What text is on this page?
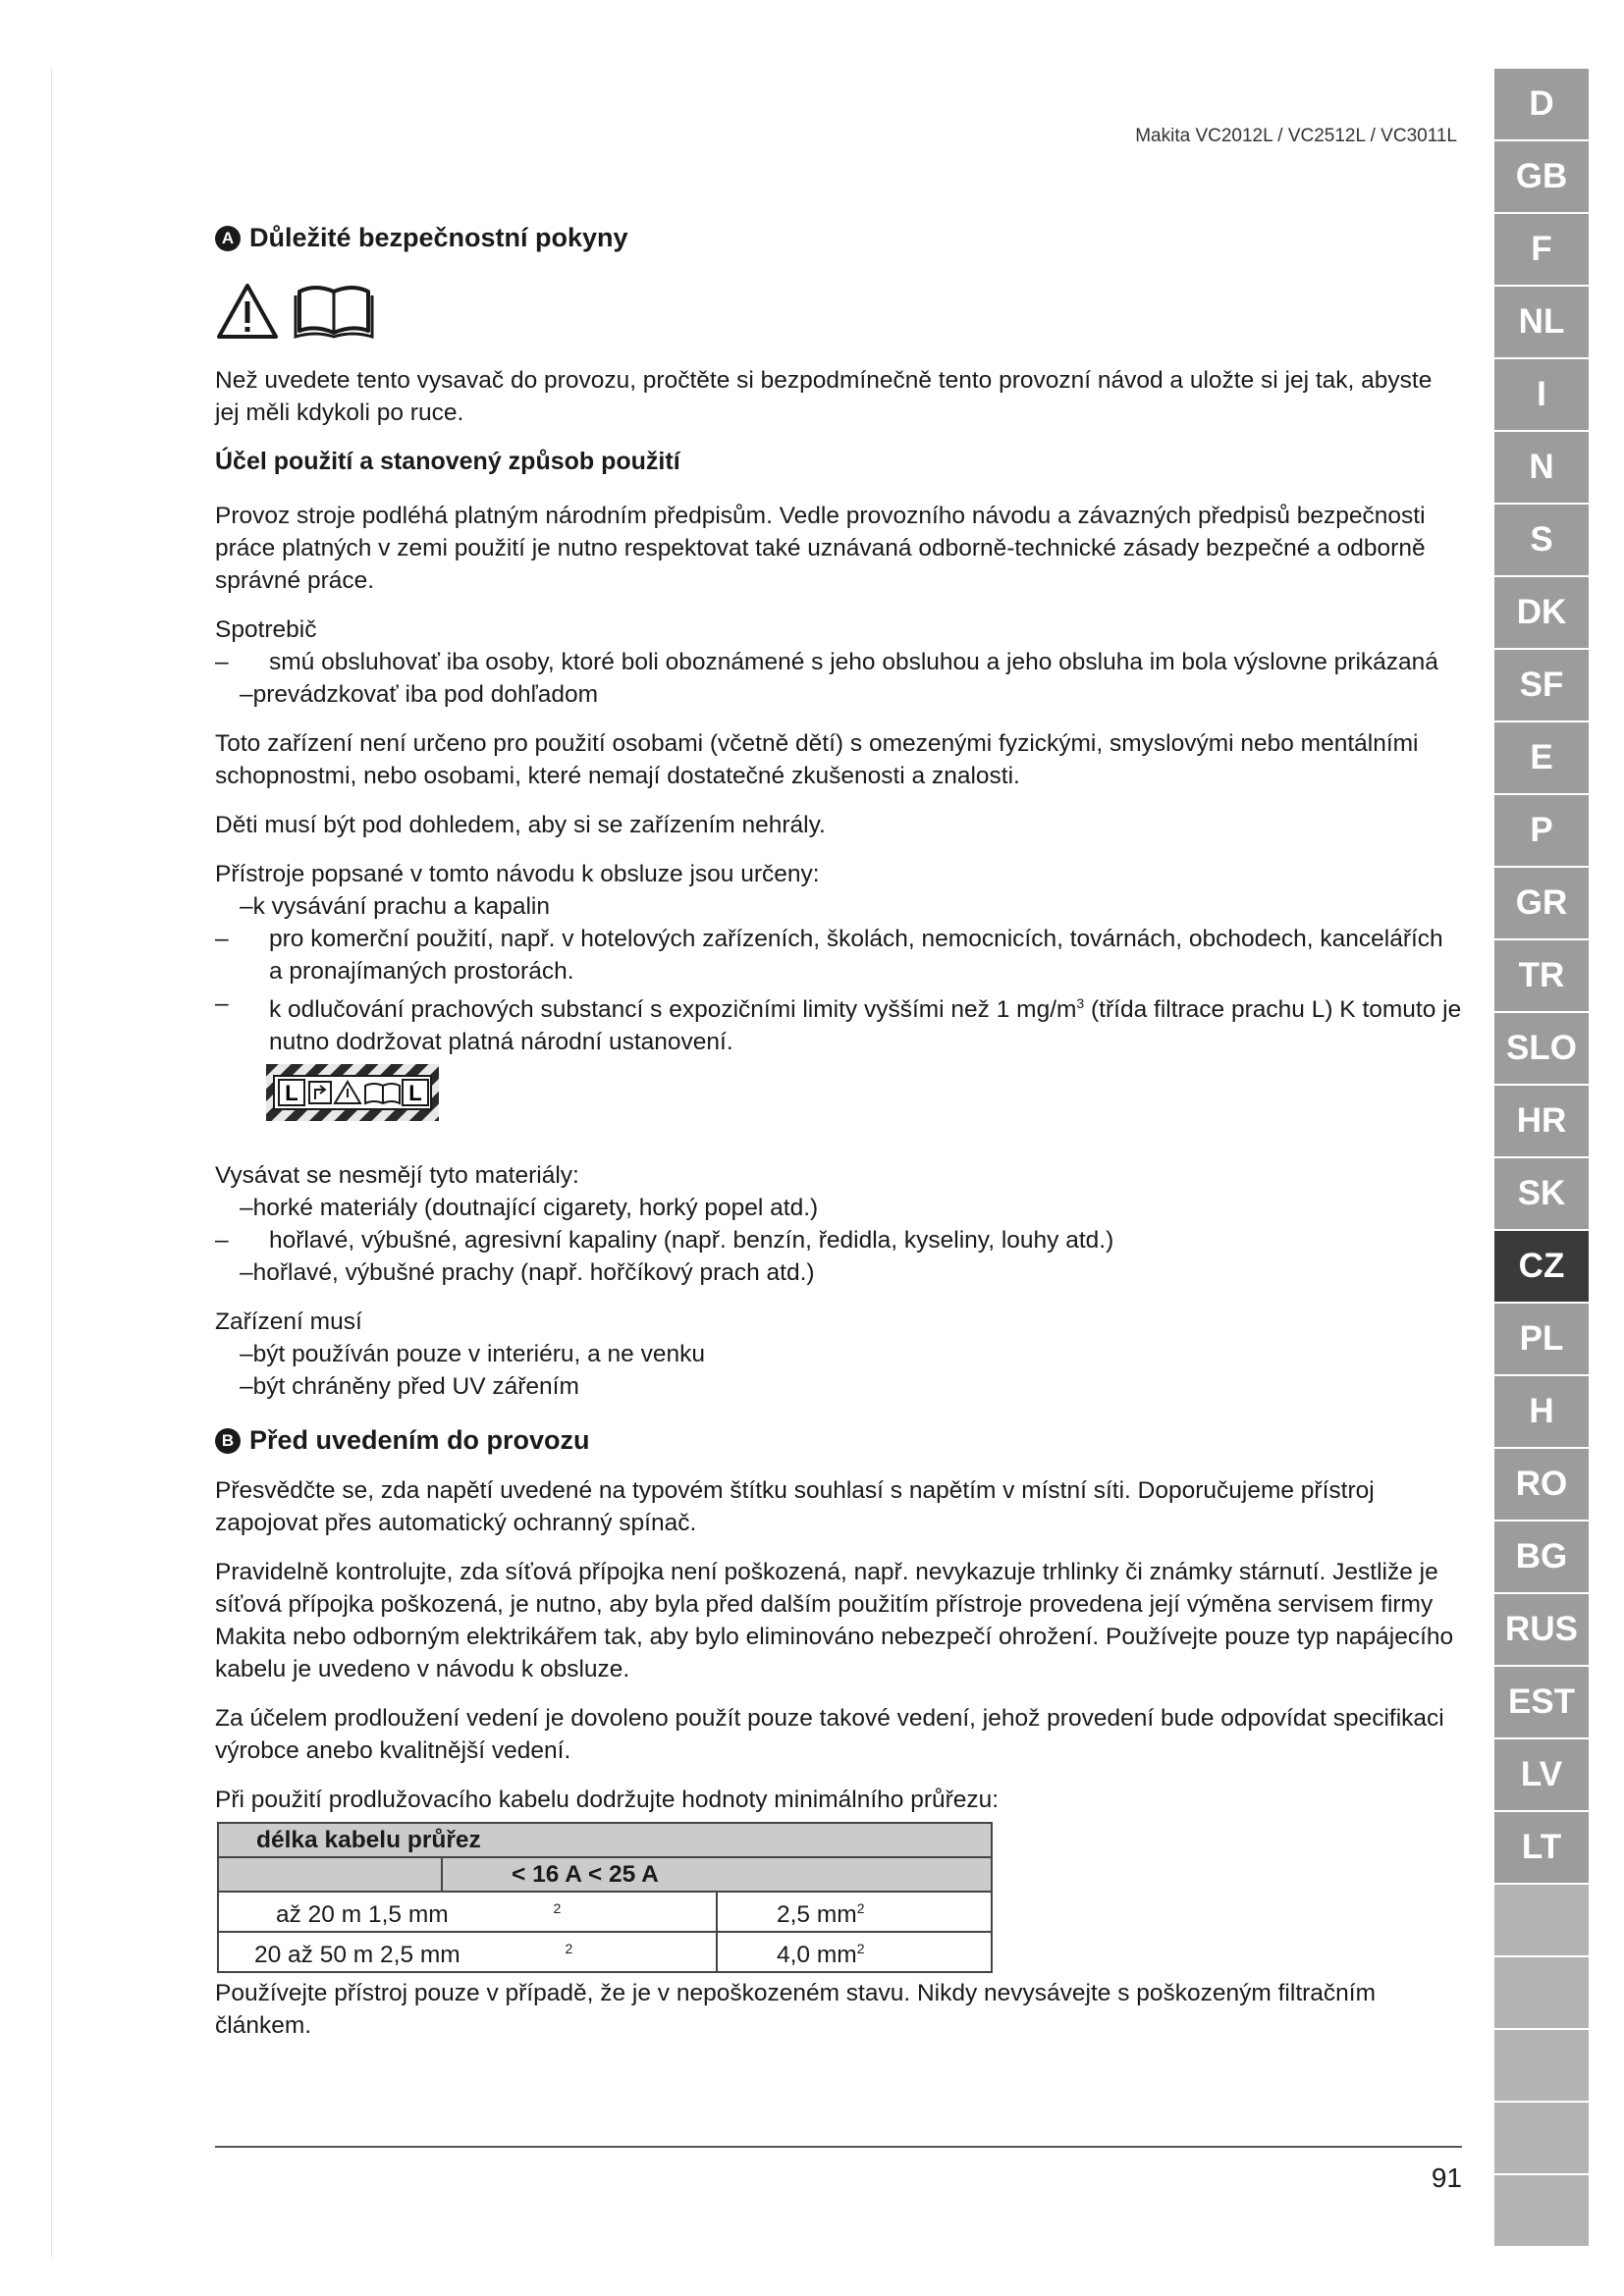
Makita VC2012L / VC2512L / VC3011L
A Důležité bezpečnostní pokyny

Než uvedete tento vysavač do provozu, pročtěte si bezpodmínečně tento provozní návod a uložte si jej tak, abyste jej měli kdykoli po ruce.

Účel použití a stanovený způsob použití

Provoz stroje podléhá platným národním předpisům. Vedle provozního návodu a závazných předpisů bezpečnosti práce platných v zemi použití je nutno respektovat také uznávaná odborně-technické zásady bezpečné a odborně správné práce.

Spotrebič
–	smú obsluhovať iba osoby, ktoré boli oboznámené s jeho obsluhou a jeho obsluha im bola výslovne prikázaná
–prevádzkovať iba pod dohľadom

Toto zařízení není určeno pro použití osobami (včetně dětí) s omezenými fyzickými, smyslovými nebo mentálními schopnostmi, nebo osobami, které nemají dostatečné zkušenosti a znalosti.

Děti musí být pod dohledem, aby si se zařízením nehrály.

Přístroje popsané v tomto návodu k obsluze jsou určeny:
–k vysávání prachu a kapalin
–	pro komerční použití, např. v hotelových zařízeních, školách, nemocnicích, továrnách, obchodech, kancelářích a pronajímaných prostorách.
–	k odlučování prachových substancí s expozičními limity vyššími než 1 $mg/m^3$ (třída filtrace prachu L) K tomuto je nutno dodržovat platná národní ustanovení.
L	L
Vysávat se nesmějí tyto materiály:
–horké materiály (doutnající cigarety, horký popel atd.)
–	hořlavé, výbušné, agresivní kapaliny (např. benzín, ředidla, kyseliny, louhy atd.)
–hořlavé, výbušné prachy (např. hořčíkový prach atd.)
Zařízení musí
–být používán pouze v interiéru, a ne venku
–být chráněny před UV zářením
B Před uvedením do provozu

Přesvědčte se, zda napětí uvedené na typovém štítku souhlasí s napětím v místní síti. Doporučujeme přístroj zapojovat přes automatický ochranný spínač.

Pravidelně kontrolujte, zda síťová přípojka není poškozená, např. nevykazuje trhlinky či známky stárnutí. Jestliže je síťová přípojka poškozená, je nutno, aby byla před dalším použitím přístroje provedena její výměna servisem firmy Makita nebo odborným elektrikářem tak, aby bylo eliminováno nebezpečí ohrožení. Používejte pouze typ napájecího kabelu je uvedeno v návodu k obsluze.

Za účelem prodloužení vedení je dovoleno použít pouze takové vedení, jehož provedení bude odpovídat specifikaci výrobce anebo kvalitnější vedení.

Při použití prodlužovacího kabelu dodržujte hodnoty minimálního průřezu:

délka kabelu průřez		
	< 16 A < 25 A	
až 20 m 1,5 mm $^2$		2,5 $mm^2$
20 až 50 m 2,5 mm $^2$		4,0 $mm^2$

Používejte přístroj pouze v případě, že je v nepoškozeném stavu. Nikdy nevysávejte s poškozeným filtračním článkem.

91
D
GB
F
NL
I
N
S
DK
SF
E
P
GR
TR
SLO
HR
SK
CZ
PL
H
RO
BG
RUS
EST
LV
LT
